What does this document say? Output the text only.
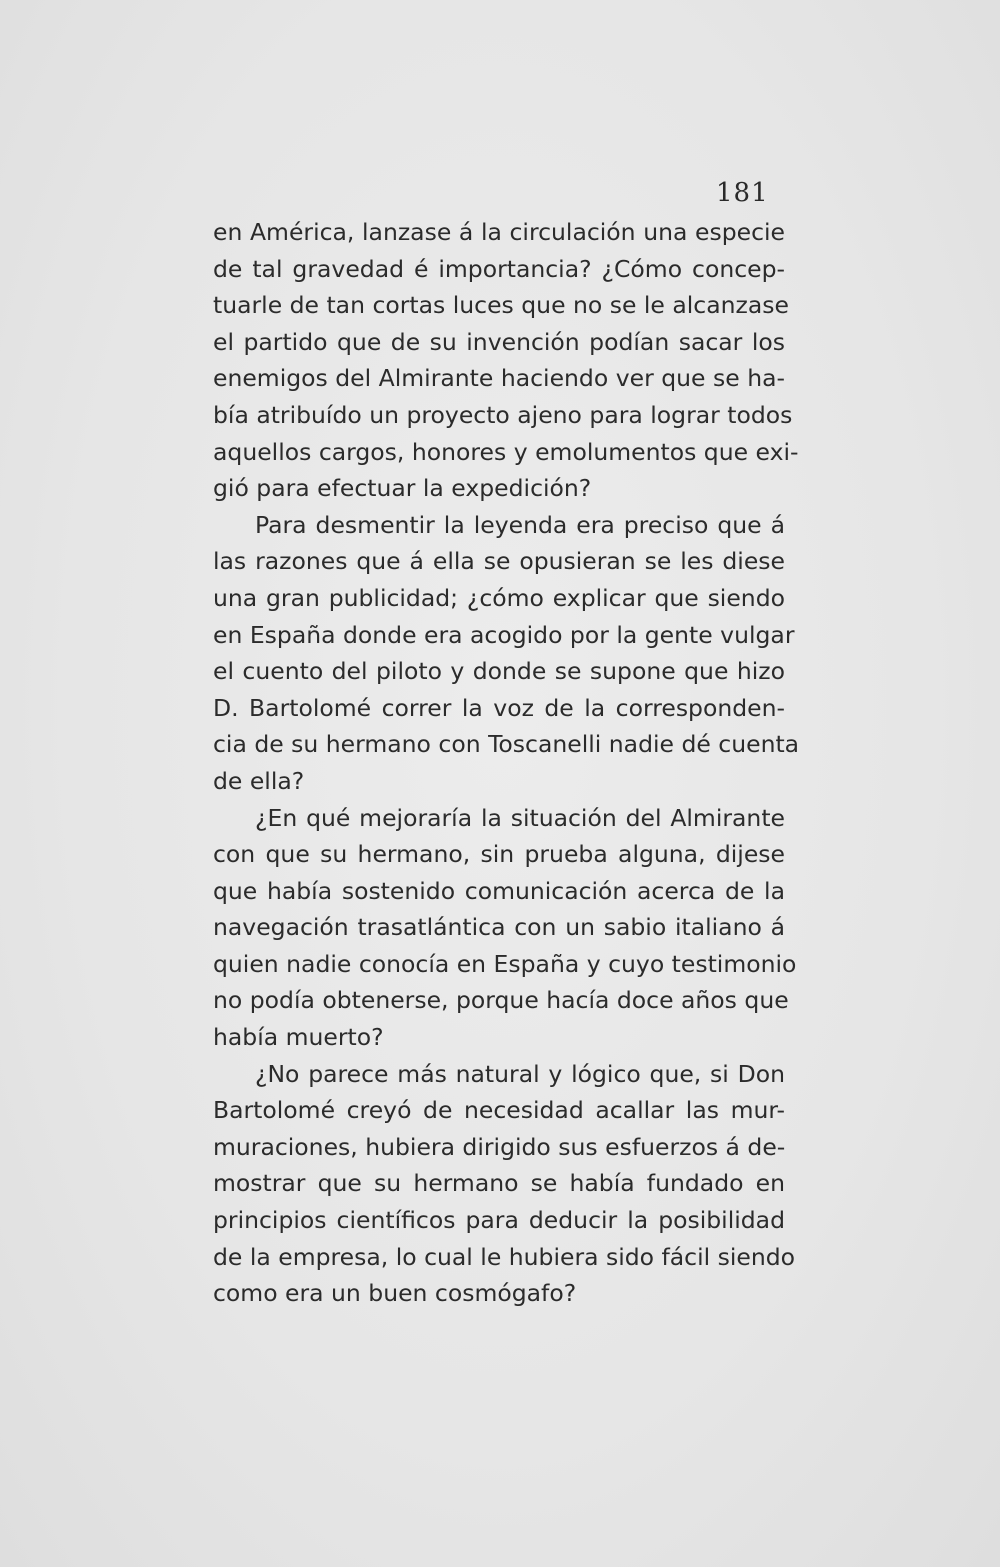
181

en América, lanzase á la circulación una especie
de tal gravedad é importancia? ¿Cómo concep-
tuarle de tan cortas luces que no se le alcanzase
el partido que de su invención podían sacar los
enemigos del Almirante haciendo ver que se ha-
bía atribuído un proyecto ajeno para lograr todos
aquellos cargos, honores y emolumentos que exi-
gió para efectuar la expedición?

Para desmentir la leyenda era preciso que á
las razones que á ella se opusieran se les diese
una gran publicidad; ¿cómo explicar que siendo
en España donde era acogido por la gente vulgar
el cuento del piloto y donde se supone que hizo
D. Bartolomé correr la voz de la corresponden-
cia de su hermano con Toscanelli nadie dé cuenta
de ella?

¿En qué mejoraría la situación del Almirante
con que su hermano, sin prueba alguna, dijese
que había sostenido comunicación acerca de la
navegación trasatlántica con un sabio italiano á
quien nadie conocía en España y cuyo testimonio
no podía obtenerse, porque hacía doce años que
había muerto?

¿No parece más natural y lógico que, si Don
Bartolomé creyó de necesidad acallar las mur-
muraciones, hubiera dirigido sus esfuerzos á de-
mostrar que su hermano se había fundado en
principios científicos para deducir la posibilidad
de la empresa, lo cual le hubiera sido fácil siendo
como era un buen cosmógafo?
